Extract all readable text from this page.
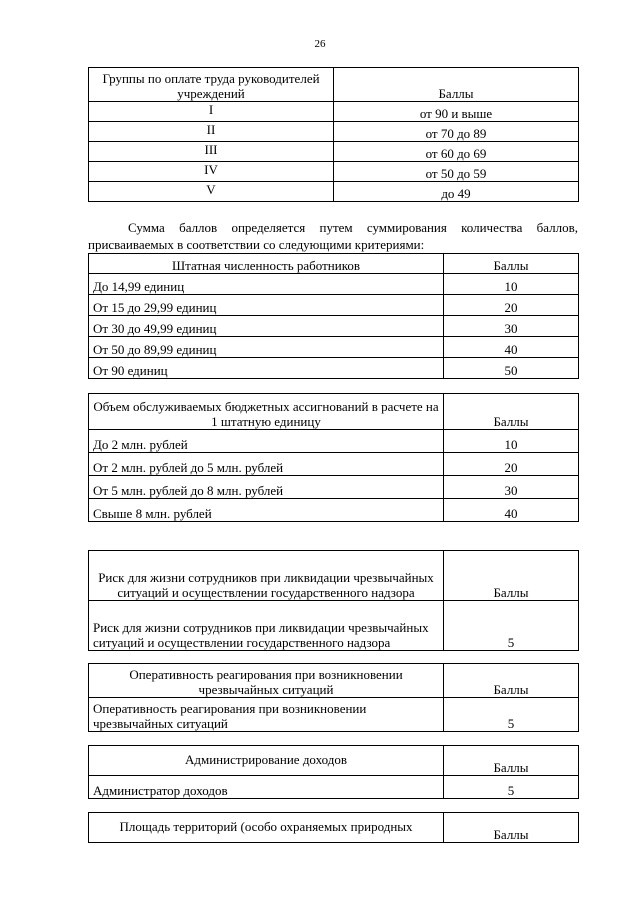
26
Группы по оплате труда руководителей учреждений	Баллы
I	от 90 и выше
II	от 70 до 89
III	от 60 до 69
IV	от 50 до 59
V	до 49
Сумма баллов определяется путем суммирования количества баллов, присваиваемых в соответствии со следующими критериями:
Штатная численность работников	Баллы
До 14,99 единиц	10
От 15 до 29,99 единиц	20
От 30 до 49,99 единиц	30
От 50 до 89,99 единиц	40
От 90 единиц	50
Объем обслуживаемых бюджетных ассигнований в расчете на 1 штатную единицу	Баллы
До 2 млн. рублей	10
От 2 млн. рублей до 5 млн. рублей	20
От 5 млн. рублей до 8 млн. рублей	30
Свыше 8 млн. рублей	40
Риск для жизни сотрудников при ликвидации чрезвычайных ситуаций и осуществлении государственного надзора	Баллы
Риск для жизни сотрудников при ликвидации чрезвычайных ситуаций и осуществлении государственного надзора	5
Оперативность реагирования при возникновении чрезвычайных ситуаций	Баллы
Оперативность реагирования при возникновении чрезвычайных ситуаций	5
Администрирование доходов	Баллы
Администратор доходов	5
Площадь территорий (особо охраняемых природных	Баллы
